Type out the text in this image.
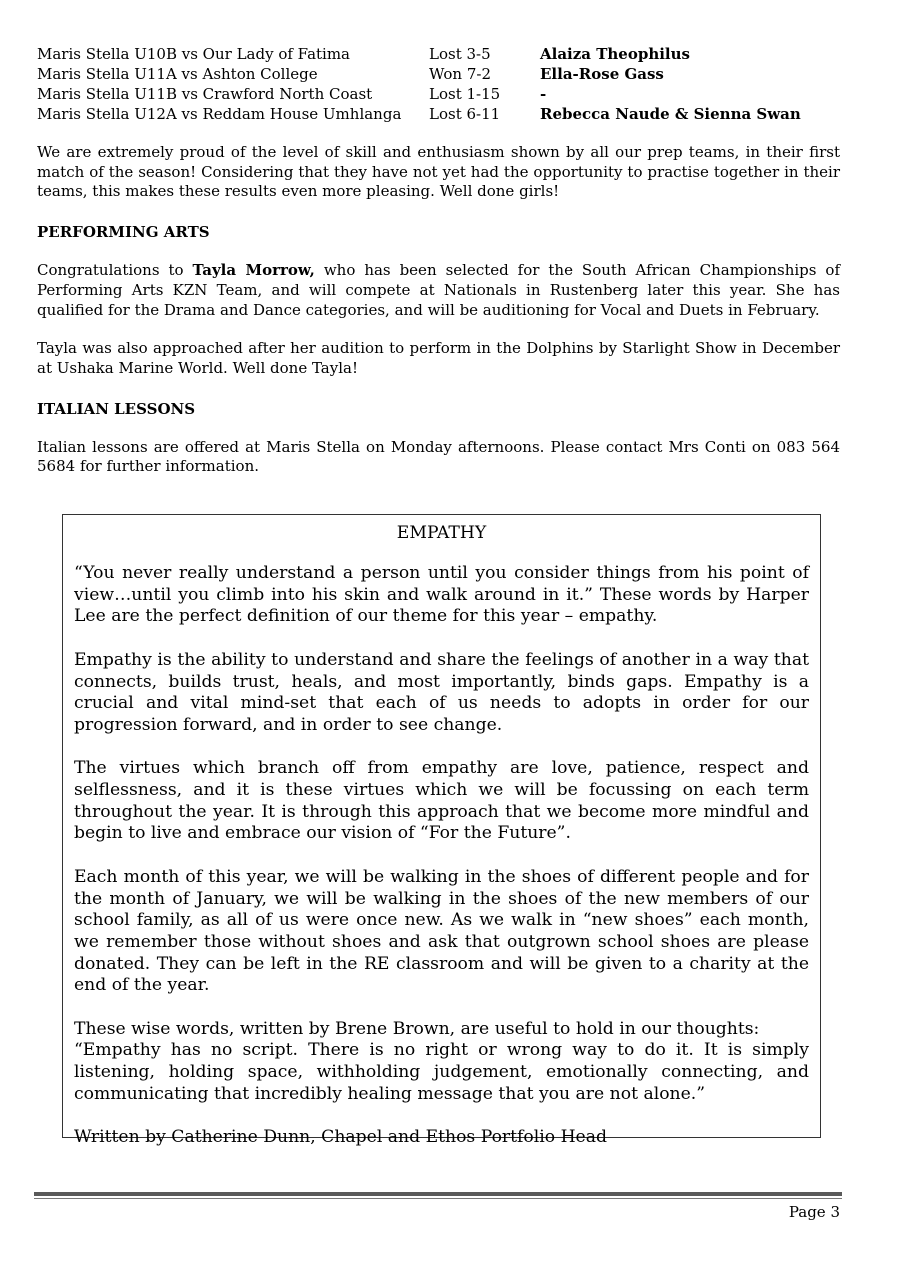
Maris Stella U10B vs Our Lady of Fatima	Lost 3-5	Alaiza Theophilus
Maris Stella U11A vs Ashton College	Won 7-2	Ella-Rose Gass
Maris Stella U11B vs Crawford North Coast	Lost 1-15	-
Maris Stella U12A vs Reddam House Umhlanga	Lost 6-11	Rebecca Naude & Sienna Swan

We are extremely proud of the level of skill and enthusiasm shown by all our prep teams, in their first match of the season! Considering that they have not yet had the opportunity to practise together in their teams, this makes these results even more pleasing. Well done girls!

PERFORMING ARTS

Congratulations to Tayla Morrow, who has been selected for the South African Championships of Performing Arts KZN Team, and will compete at Nationals in Rustenberg later this year. She has qualified for the Drama and Dance categories, and will be auditioning for Vocal and Duets in February.

Tayla was also approached after her audition to perform in the Dolphins by Starlight Show in December at Ushaka Marine World. Well done Tayla!

ITALIAN LESSONS

Italian lessons are offered at Maris Stella on Monday afternoons. Please contact Mrs Conti on 083 564 5684 for further information.

EMPATHY

“You never really understand a person until you consider things from his point of view…until you climb into his skin and walk around in it.” These words by Harper Lee are the perfect definition of our theme for this year – empathy.

Empathy is the ability to understand and share the feelings of another in a way that connects, builds trust, heals, and most importantly, binds gaps. Empathy is a crucial and vital mind-set that each of us needs to adopts in order for our progression forward, and in order to see change.

The virtues which branch off from empathy are love, patience, respect and selflessness, and it is these virtues which we will be focussing on each term throughout the year. It is through this approach that we become more mindful and begin to live and embrace our vision of “For the Future”.

Each month of this year, we will be walking in the shoes of different people and for the month of January, we will be walking in the shoes of the new members of our school family, as all of us were once new. As we walk in “new shoes” each month, we remember those without shoes and ask that outgrown school shoes are please donated. They can be left in the RE classroom and will be given to a charity at the end of the year.

These wise words, written by Brene Brown, are useful to hold in our thoughts:

“Empathy has no script. There is no right or wrong way to do it. It is simply listening, holding space, withholding judgement, emotionally connecting, and communicating that incredibly healing message that you are not alone.”

Written by Catherine Dunn, Chapel and Ethos Portfolio Head

Page 3
